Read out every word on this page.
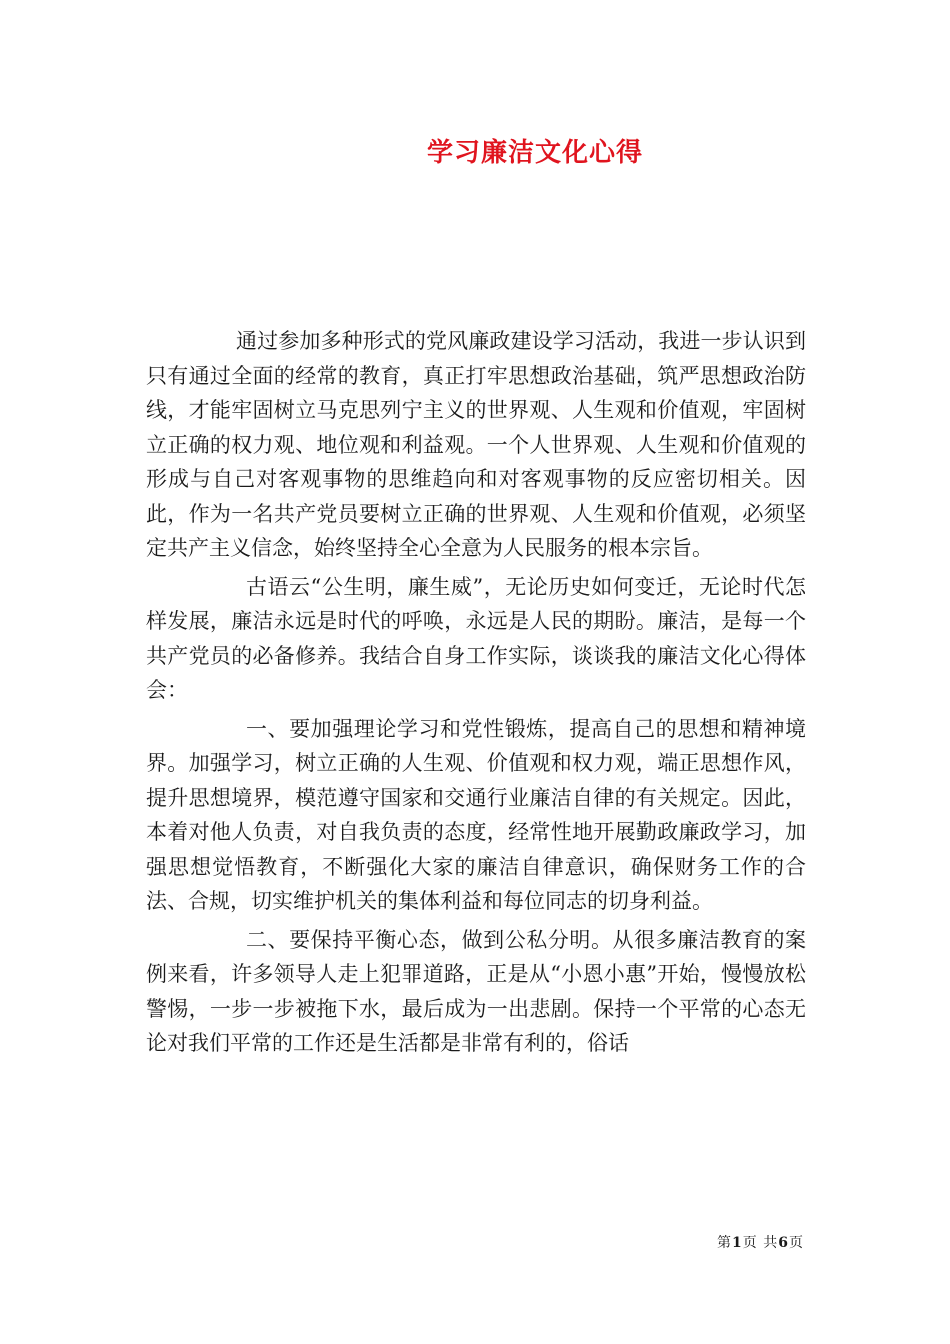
学习廉洁文化心得

通过参加多种形式的党风廉政建设学习活动，我进一步认识到只有通过全面的经常的教育，真正打牢思想政治基础，筑严思想政治防线，才能牢固树立马克思列宁主义的世界观、人生观和价值观，牢固树立正确的权力观、地位观和利益观。一个人世界观、人生观和价值观的形成与自己对客观事物的思维趋向和对客观事物的反应密切相关。因此，作为一名共产党员要树立正确的世界观、人生观和价值观，必须坚定共产主义信念，始终坚持全心全意为人民服务的根本宗旨。

古语云“公生明，廉生威”，无论历史如何变迁，无论时代怎样发展，廉洁永远是时代的呼唤，永远是人民的期盼。廉洁，是每一个共产党员的必备修养。我结合自身工作实际，谈谈我的廉洁文化心得体会：

一、要加强理论学习和党性锻炼，提高自己的思想和精神境界。加强学习，树立正确的人生观、价值观和权力观，端正思想作风，提升思想境界，模范遵守国家和交通行业廉洁自律的有关规定。因此，本着对他人负责，对自我负责的态度，经常性地开展勤政廉政学习，加强思想觉悟教育，不断强化大家的廉洁自律意识，确保财务工作的合法、合规，切实维护机关的集体利益和每位同志的切身利益。

二、要保持平衡心态，做到公私分明。从很多廉洁教育的案例来看，许多领导人走上犯罪道路，正是从“小恩小惠”开始，慢慢放松警惕，一步一步被拖下水，最后成为一出悲剧。保持一个平常的心态无论对我们平常的工作还是生活都是非常有利的，俗话

第1页 共6页
